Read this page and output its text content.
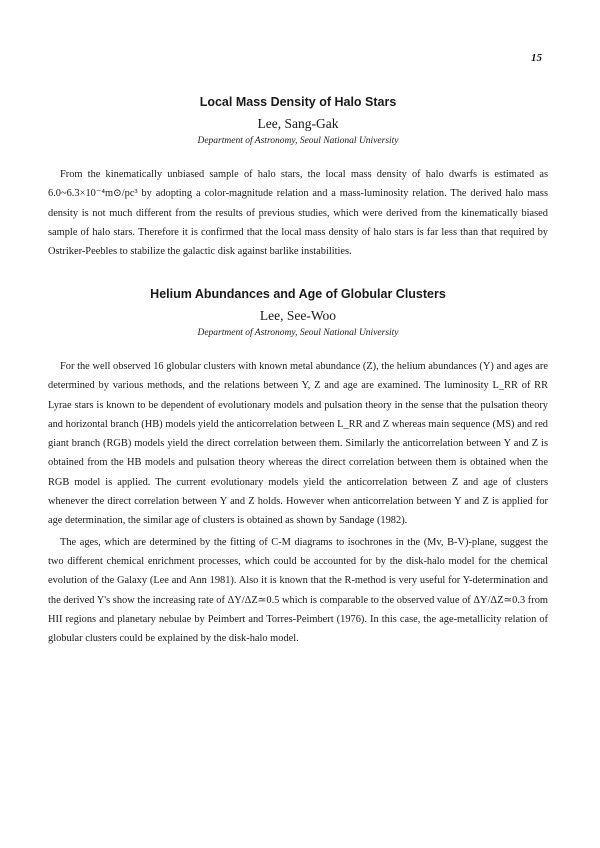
15
Local Mass Density of Halo Stars
Lee, Sang-Gak
Department of Astronomy, Seoul National University

From the kinematically unbiased sample of halo stars, the local mass density of halo dwarfs is estimated as 6.0~6.3×10⁻⁴m⊙/pc³ by adopting a color-magnitude relation and a mass-luminosity relation. The derived halo mass density is not much different from the results of previous studies, which were derived from the kinematically biased sample of halo stars. Therefore it is confirmed that the local mass density of halo stars is far less than that required by Ostriker-Peebles to stabilize the galactic disk against barlike instabilities.

Helium Abundances and Age of Globular Clusters
Lee, See-Woo
Department of Astronomy, Seoul National University

For the well observed 16 globular clusters with known metal abundance (Z), the helium abundances (Y) and ages are determined by various methods, and the relations between Y, Z and age are examined. The luminosity L_RR of RR Lyrae stars is known to be dependent of evolutionary models and pulsation theory in the sense that the pulsation theory and horizontal branch (HB) models yield the anticorrelation between L_RR and Z whereas main sequence (MS) and red giant branch (RGB) models yield the direct correlation between them. Similarly the anticorrelation between Y and Z is obtained from the HB models and pulsation theory whereas the direct correlation between them is obtained when the RGB model is applied. The current evolutionary models yield the anticorrelation between Z and age of clusters whenever the direct correlation between Y and Z holds. However when anticorrelation between Y and Z is applied for age determination, the similar age of clusters is obtained as shown by Sandage (1982).

The ages, which are determined by the fitting of C-M diagrams to isochrones in the (Mv, B-V)-plane, suggest the two different chemical enrichment processes, which could be accounted for by the disk-halo model for the chemical evolution of the Galaxy (Lee and Ann 1981). Also it is known that the R-method is very useful for Y-determination and the derived Y's show the increasing rate of ΔY/ΔZ≃0.5 which is comparable to the observed value of ΔY/ΔZ≃0.3 from HII regions and planetary nebulae by Peimbert and Torres-Peimbert (1976). In this case, the age-metallicity relation of globular clusters could be explained by the disk-halo model.
